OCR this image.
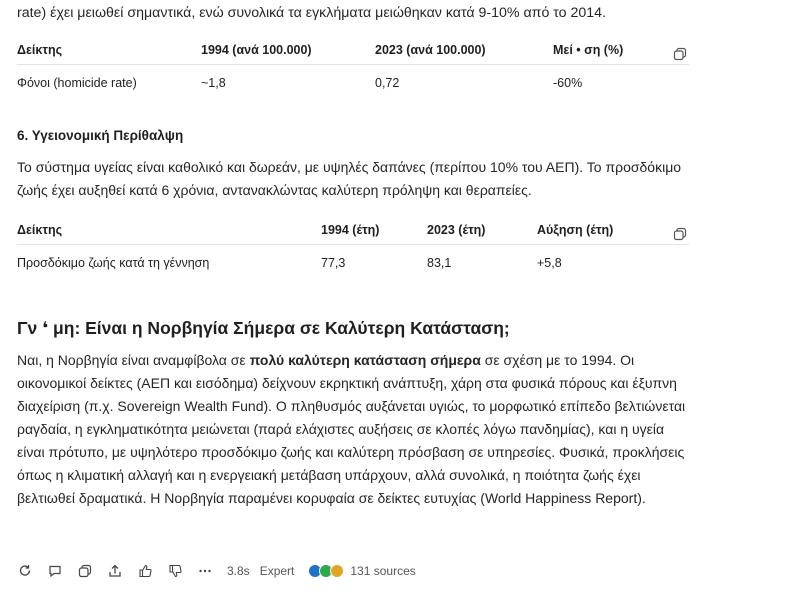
rate) έχει μειωθεί σημαντικά, ενώ συνολικά τα εγκλήματα μειώθηκαν κατά 9-10% από το 2014.

Δείκτης	1994 (ανά 100.000)	2023 (ανά 100.000)	Μεί • ση (%)
Φόνοι (homicide rate)	~1,8	0,72	-60%
6. Υγειονομική Περίθαλψη

Το σύστημα υγείας είναι καθολικό και δωρεάν, με υψηλές δαπάνες (περίπου 10% του ΑΕΠ). Το προσδόκιμο ζωής έχει αυξηθεί κατά 6 χρόνια, αντανακλώντας καλύτερη πρόληψη και θεραπείες.

Δείκτης	1994 (έτη)	2023 (έτη)	Αύξηση (έτη)
Προσδόκιμο ζωής κατά τη γέννηση	77,3	83,1	+5,8
Γν ❛ μη: Είναι η Νορβηγία Σήμερα σε Καλύτερη Κατάσταση;

Ναι, η Νορβηγία είναι αναμφίβολα σε πολύ καλύτερη κατάσταση σήμερα σε σχέση με το 1994. Οι οικονομικοί δείκτες (ΑΕΠ και εισόδημα) δείχνουν εκρηκτική ανάπτυξη, χάρη στα φυσικά πόρους και έξυπνη διαχείριση (π.χ. Sovereign Wealth Fund). Ο πληθυσμός αυξάνεται υγιώς, το μορφωτικό επίπεδο βελτιώνεται ραγδαία, η εγκληματικότητα μειώνεται (παρά ελάχιστες αυξήσεις σε κλοπές λόγω πανδημίας), και η υγεία είναι πρότυπο, με υψηλότερο προσδόκιμο ζωής και καλύτερη πρόσβαση σε υπηρεσίες. Φυσικά, προκλήσεις όπως η κλιματική αλλαγή και η ενεργειακή μετάβαση υπάρχουν, αλλά συνολικά, η ποιότητα ζωής έχει βελτιωθεί δραματικά. Η Νορβηγία παραμένει κορυφαία σε δείκτες ευτυχίας (World Happiness Report).

3.8s Expert	131 sources
